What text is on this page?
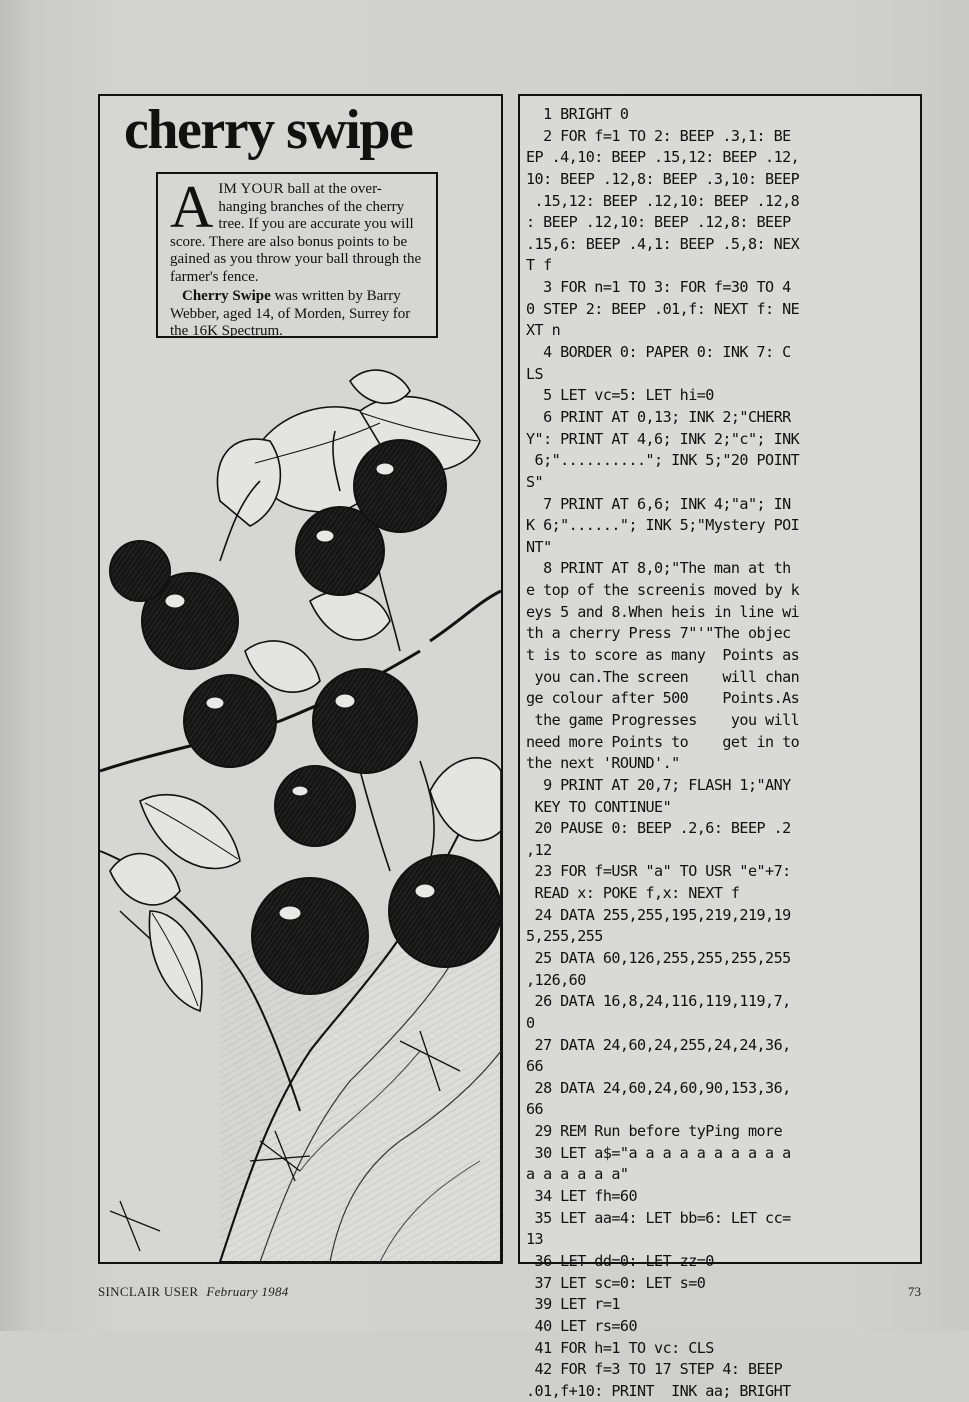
cherry swipe

AIM YOUR ball at the over-hanging branches of the cherry tree. If you are accurate you will score. There are also bonus points to be gained as you throw your ball through the farmer's fence.

Cherry Swipe was written by Barry Webber, aged 14, of Morden, Surrey for the 16K Spectrum.

1 BRIGHT 0
2 FOR f=1 TO 2: BEEP .3,1: BE
EP .4,10: BEEP .15,12: BEEP .12,
10: BEEP .12,8: BEEP .3,10: BEEP
.15,12: BEEP .12,10: BEEP .12,8
: BEEP .12,10: BEEP .12,8: BEEP
.15,6: BEEP .4,1: BEEP .5,8: NEX
T f
3 FOR n=1 TO 3: FOR f=30 TO 4
0 STEP 2: BEEP .01,f: NEXT f: NE
XT n
4 BORDER 0: PAPER 0: INK 7: C
LS
5 LET vc=5: LET hi=0
6 PRINT AT 0,13; INK 2;"CHERR
Y": PRINT AT 4,6; INK 2;"c"; INK
6;".........."; INK 5;"20 POINT
S"
7 PRINT AT 6,6; INK 4;"a"; IN
K 6;"......"; INK 5;"Mystery POI
NT"
8 PRINT AT 8,0;"The man at th
e top of the screenis moved by k
eys 5 and 8.When heis in line wi
th a cherry Press 7"'"The objec
t is to score as many  Points as
you can.The screen    will chan
ge colour after 500    Points.As
the game Progresses    you will
need more Points to    get in to
the next 'ROUND'."
9 PRINT AT 20,7; FLASH 1;"ANY
KEY TO CONTINUE"
20 PAUSE 0: BEEP .2,6: BEEP .2
,12
23 FOR f=USR "a" TO USR "e"+7:
READ x: POKE f,x: NEXT f
24 DATA 255,255,195,219,219,19
5,255,255
25 DATA 60,126,255,255,255,255
,126,60
26 DATA 16,8,24,116,119,119,7,
0
27 DATA 24,60,24,255,24,24,36,
66
28 DATA 24,60,24,60,90,153,36,
66
29 REM Run before tyPing more
30 LET a$="a a a a a a a a a a
a a a a a a"
34 LET fh=60
35 LET aa=4: LET bb=6: LET cc=
13
36 LET dd=0: LET zz=0
37 LET sc=0: LET s=0
39 LET r=1
40 LET rs=60
41 FOR h=1 TO vc: CLS
42 FOR f=3 TO 17 STEP 4: BEEP
.01,f+10: PRINT  INK aa; BRIGHT
SINCLAIR USER February 1984	73
